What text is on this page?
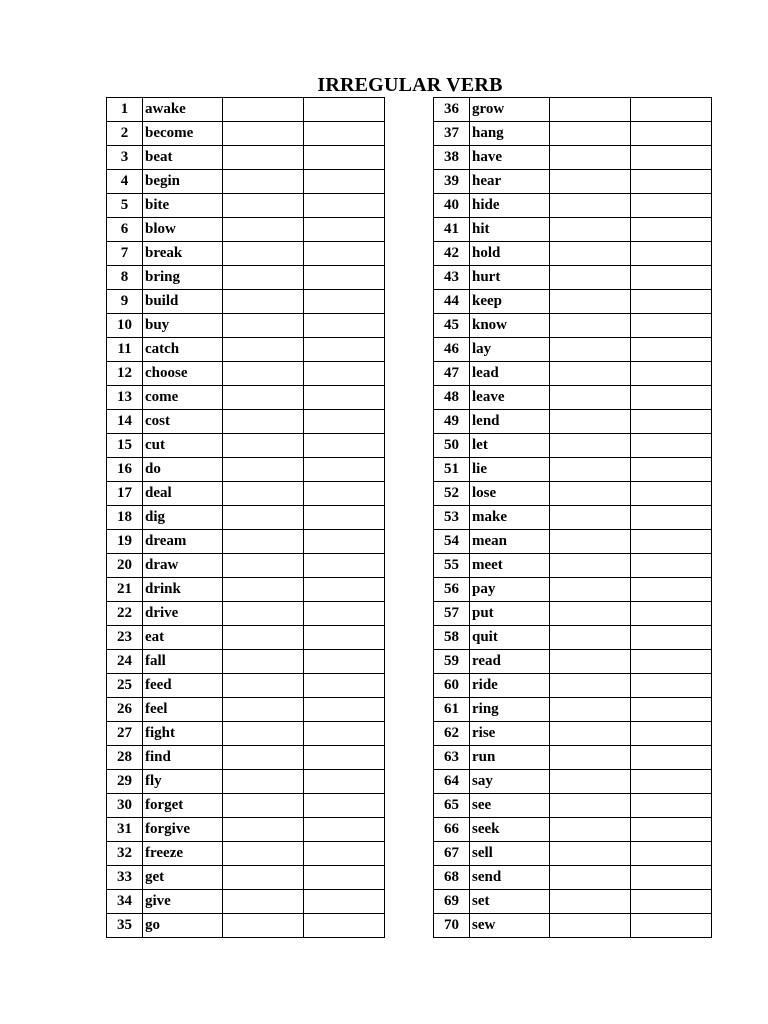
IRREGULAR VERB
1	awake		
2	become		
3	beat		
4	begin		
5	bite		
6	blow		
7	break		
8	bring		
9	build		
10	buy		
11	catch		
12	choose		
13	come		
14	cost		
15	cut		
16	do		
17	deal		
18	dig		
19	dream		
20	draw		
21	drink		
22	drive		
23	eat		
24	fall		
25	feed		
26	feel		
27	fight		
28	find		
29	fly		
30	forget		
31	forgive		
32	freeze		
33	get		
34	give		
35	go		
36	grow		
37	hang		
38	have		
39	hear		
40	hide		
41	hit		
42	hold		
43	hurt		
44	keep		
45	know		
46	lay		
47	lead		
48	leave		
49	lend		
50	let		
51	lie		
52	lose		
53	make		
54	mean		
55	meet		
56	pay		
57	put		
58	quit		
59	read		
60	ride		
61	ring		
62	rise		
63	run		
64	say		
65	see		
66	seek		
67	sell		
68	send		
69	set		
70	sew		
